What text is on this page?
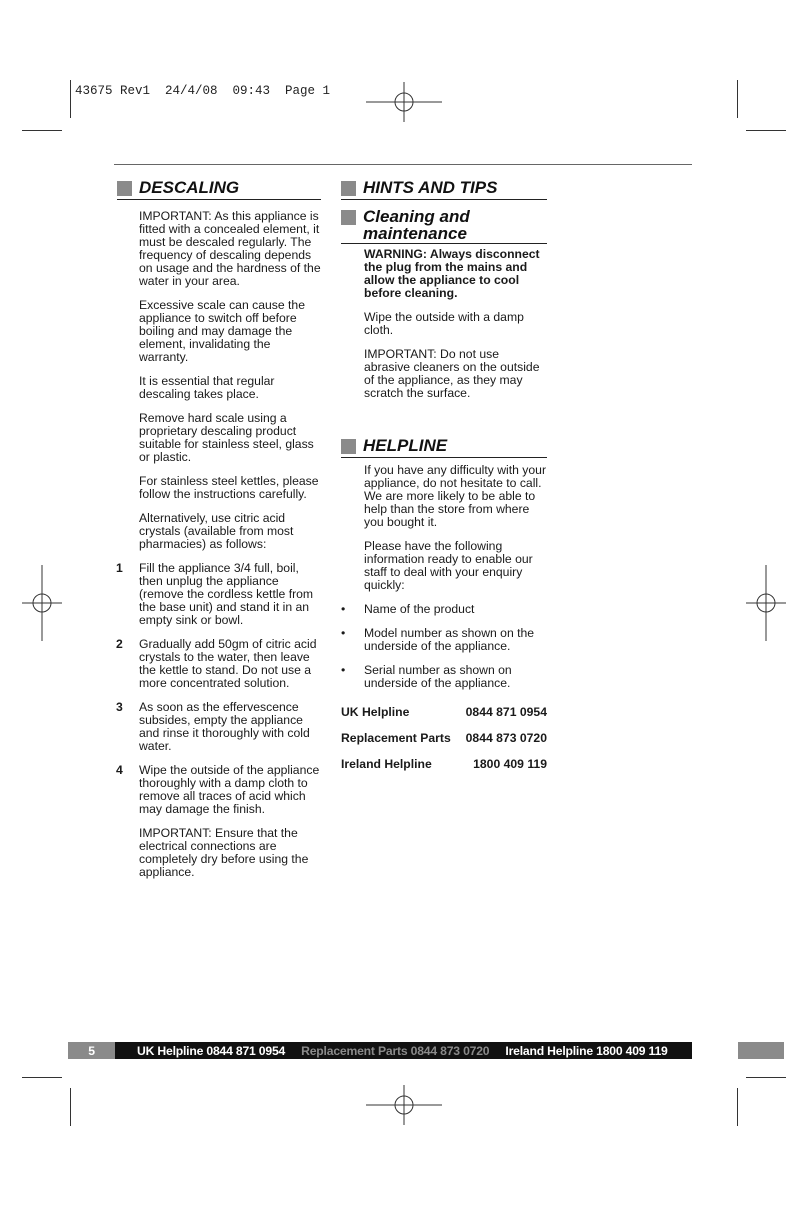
43675 Rev1  24/4/08  09:43  Page 1
DESCALING

IMPORTANT: As this appliance is fitted with a concealed element, it must be descaled regularly. The frequency of descaling depends on usage and the hardness of the water in your area.

Excessive scale can cause the appliance to switch off before boiling and may damage the element, invalidating the warranty.

It is essential that regular descaling takes place.

Remove hard scale using a proprietary descaling product suitable for stainless steel, glass or plastic.

For stainless steel kettles, please follow the instructions carefully.

Alternatively, use citric acid crystals (available from most pharmacies) as follows:

1	Fill the appliance 3/4 full, boil, then unplug the appliance (remove the cordless kettle from the base unit) and stand it in an empty sink or bowl.
2	Gradually add 50gm of citric acid crystals to the water, then leave the kettle to stand. Do not use a more concentrated solution.
3	As soon as the effervescence subsides, empty the appliance and rinse it thoroughly with cold water.
4	Wipe the outside of the appliance thoroughly with a damp cloth to remove all traces of acid which may damage the finish.

IMPORTANT: Ensure that the electrical connections are completely dry before using the appliance.

HINTS AND TIPS
Cleaning and
maintenance

WARNING: Always disconnect the plug from the mains and allow the appliance to cool before cleaning.

Wipe the outside with a damp cloth.

IMPORTANT: Do not use abrasive cleaners on the outside of the appliance, as they may scratch the surface.

HELPLINE

If you have any difficulty with your appliance, do not hesitate to call. We are more likely to be able to help than the store from where you bought it.

Please have the following information ready to enable our staff to deal with your enquiry quickly:

•	Name of the product
•	Model number as shown on the underside of the appliance.
•	Serial number as shown on underside of the appliance.
UK Helpline	0844 871 0954
Replacement Parts 0844 873 0720
Ireland Helpline	1800 409 119
5	UK Helpline 0844 871 0954 Replacement Parts 0844 873 0720 Ireland Helpline 1800 409 119
